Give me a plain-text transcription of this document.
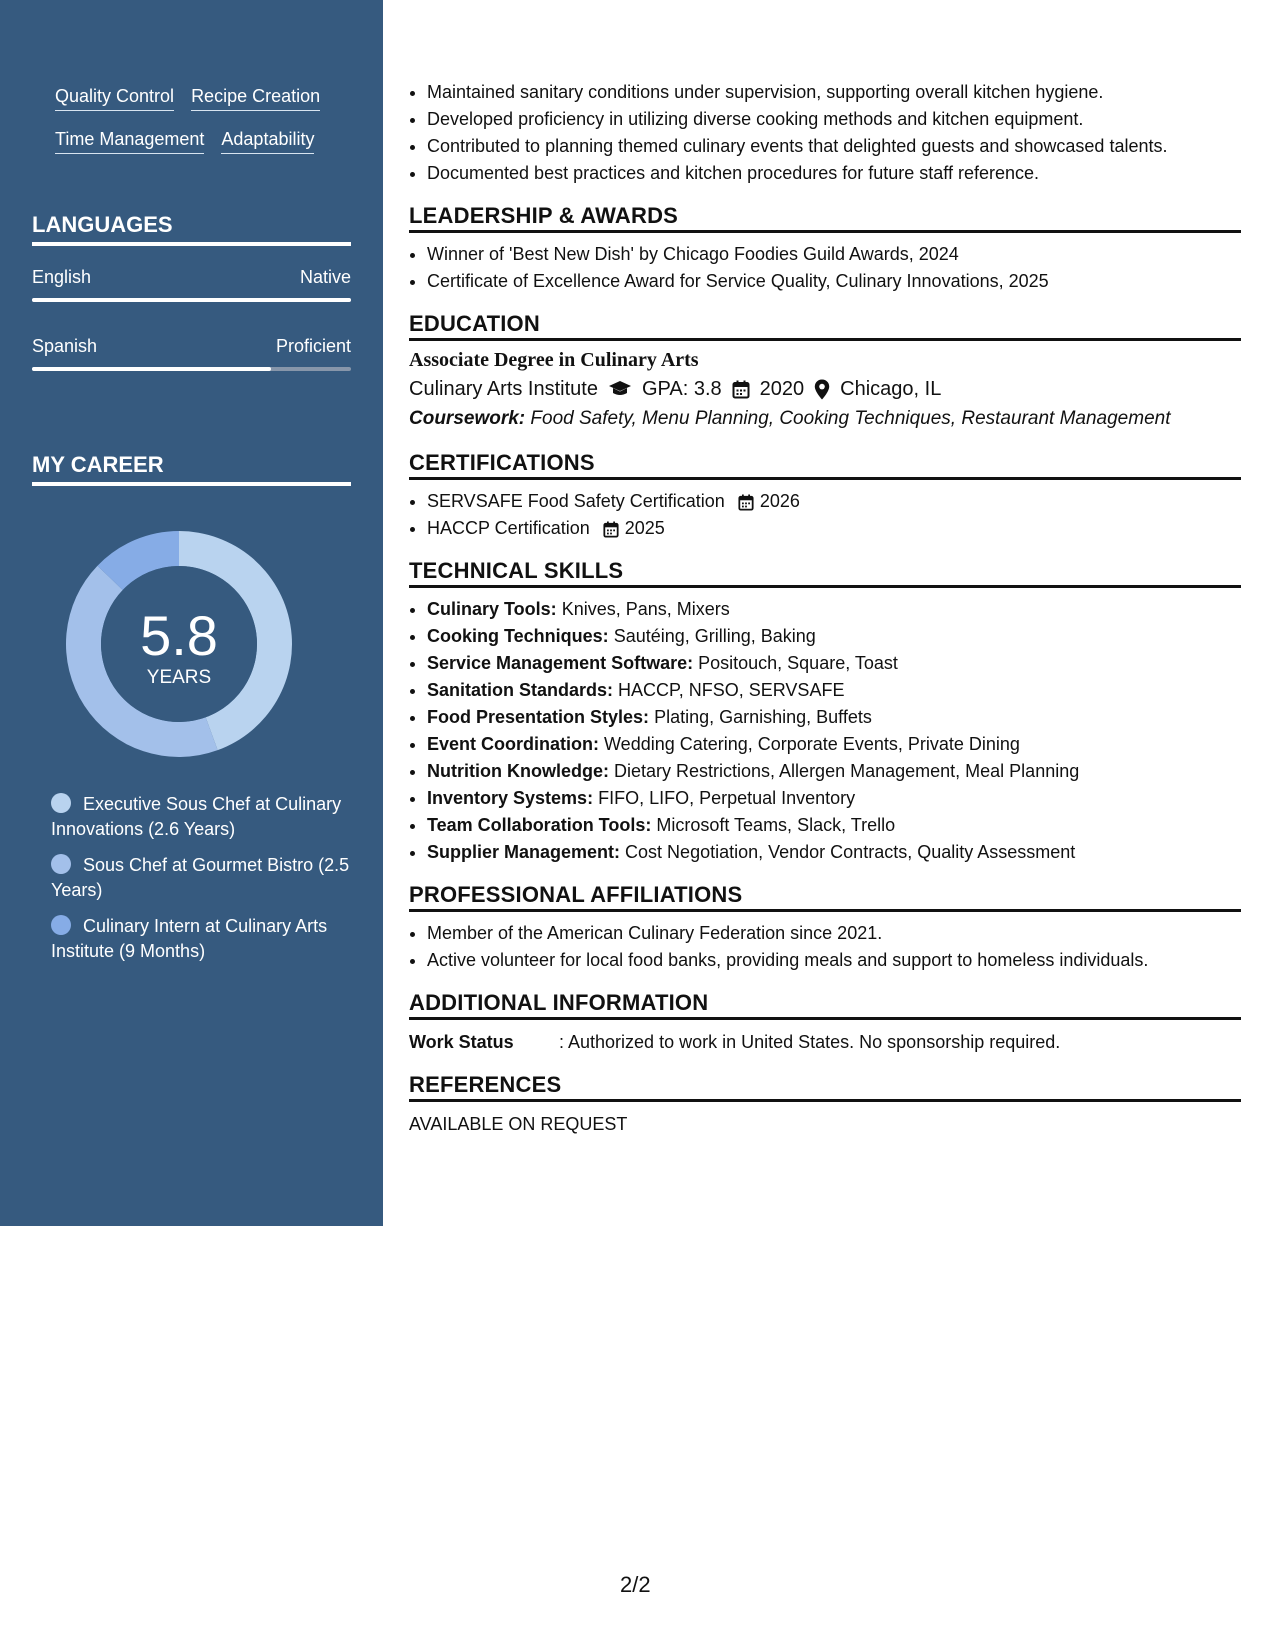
Quality Control Recipe Creation
Time Management Adaptability
LANGUAGES
English	Native
Spanish	Proficient
MY CAREER
5.8
YEARS
Executive Sous Chef at Culinary Innovations (2.6 Years)
Sous Chef at Gourmet Bistro (2.5 Years)
Culinary Intern at Culinary Arts Institute (9 Months)
• Maintained sanitary conditions under supervision, supporting overall kitchen hygiene.
• Developed proficiency in utilizing diverse cooking methods and kitchen equipment.
• Contributed to planning themed culinary events that delighted guests and showcased talents.
• Documented best practices and kitchen procedures for future staff reference.
LEADERSHIP & AWARDS
• Winner of 'Best New Dish' by Chicago Foodies Guild Awards, 2024
• Certificate of Excellence Award for Service Quality, Culinary Innovations, 2025
EDUCATION
Associate Degree in Culinary Arts
Culinary Arts Institute GPA: 3.8 2020 Chicago, IL
Coursework: Food Safety, Menu Planning, Cooking Techniques, Restaurant Management
CERTIFICATIONS
• SERVSAFE Food Safety Certification 2026
• HACCP Certification 2025
TECHNICAL SKILLS
• Culinary Tools: Knives, Pans, Mixers
• Cooking Techniques: Sautéing, Grilling, Baking
• Service Management Software: Positouch, Square, Toast
• Sanitation Standards: HACCP, NFSO, SERVSAFE
• Food Presentation Styles: Plating, Garnishing, Buffets
• Event Coordination: Wedding Catering, Corporate Events, Private Dining
• Nutrition Knowledge: Dietary Restrictions, Allergen Management, Meal Planning
• Inventory Systems: FIFO, LIFO, Perpetual Inventory
• Team Collaboration Tools: Microsoft Teams, Slack, Trello
• Supplier Management: Cost Negotiation, Vendor Contracts, Quality Assessment
PROFESSIONAL AFFILIATIONS
• Member of the American Culinary Federation since 2021.
• Active volunteer for local food banks, providing meals and support to homeless individuals.
ADDITIONAL INFORMATION
Work Status	: Authorized to work in United States. No sponsorship required.
REFERENCES
AVAILABLE ON REQUEST
2/2
